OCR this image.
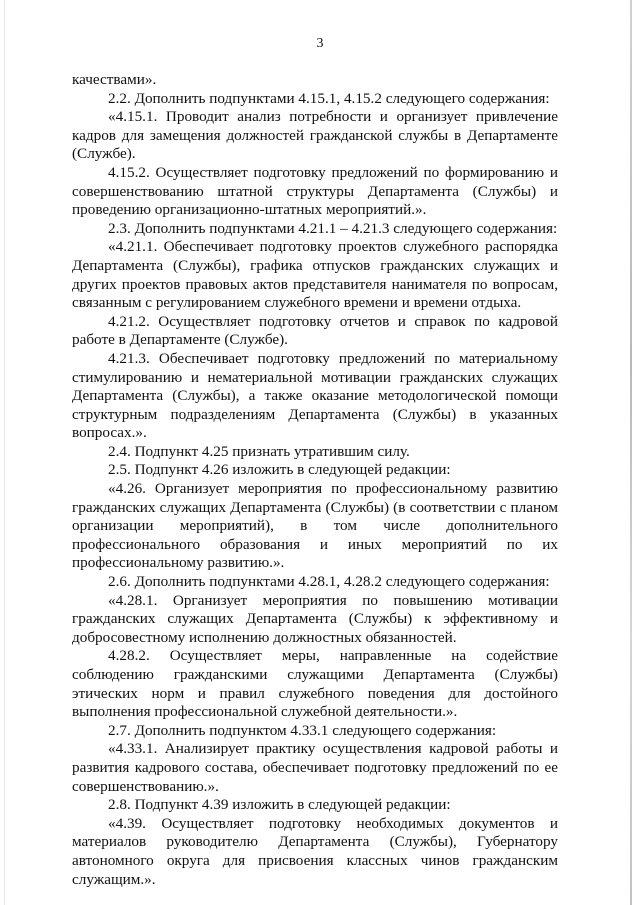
3

качествами».

2.2. Дополнить подпунктами 4.15.1, 4.15.2 следующего содержания:

«4.15.1. Проводит анализ потребности и организует привлечение кадров для замещения должностей гражданской службы в Департаменте (Службе).

4.15.2. Осуществляет подготовку предложений по формированию и совершенствованию штатной структуры Департамента (Службы) и проведению организационно-штатных мероприятий.».

2.3. Дополнить подпунктами 4.21.1 – 4.21.3 следующего содержания:

«4.21.1. Обеспечивает подготовку проектов служебного распорядка Департамента (Службы), графика отпусков гражданских служащих и других проектов правовых актов представителя нанимателя по вопросам, связанным с регулированием служебного времени и времени отдыха.

4.21.2. Осуществляет подготовку отчетов и справок по кадровой работе в Департаменте (Службе).

4.21.3. Обеспечивает подготовку предложений по материальному стимулированию и нематериальной мотивации гражданских служащих Департамента (Службы), а также оказание методологической помощи структурным подразделениям Департамента (Службы) в указанных вопросах.».

2.4. Подпункт 4.25 признать утратившим силу.

2.5. Подпункт 4.26 изложить в следующей редакции:

«4.26. Организует мероприятия по профессиональному развитию гражданских служащих Департамента (Службы) (в соответствии с планом организации мероприятий), в том числе дополнительного профессионального образования и иных мероприятий по их профессиональному развитию.».

2.6. Дополнить подпунктами 4.28.1, 4.28.2 следующего содержания:

«4.28.1. Организует мероприятия по повышению мотивации гражданских служащих Департамента (Службы) к эффективному и добросовестному исполнению должностных обязанностей.

4.28.2. Осуществляет меры, направленные на содействие соблюдению гражданскими служащими Департамента (Службы) этических норм и правил служебного поведения для достойного выполнения профессиональной служебной деятельности.».

2.7. Дополнить подпунктом 4.33.1 следующего содержания:

«4.33.1. Анализирует практику осуществления кадровой работы и развития кадрового состава, обеспечивает подготовку предложений по ее совершенствованию.».

2.8. Подпункт 4.39 изложить в следующей редакции:

«4.39. Осуществляет подготовку необходимых документов и материалов руководителю Департамента (Службы), Губернатору автономного округа для присвоения классных чинов гражданским служащим.».
